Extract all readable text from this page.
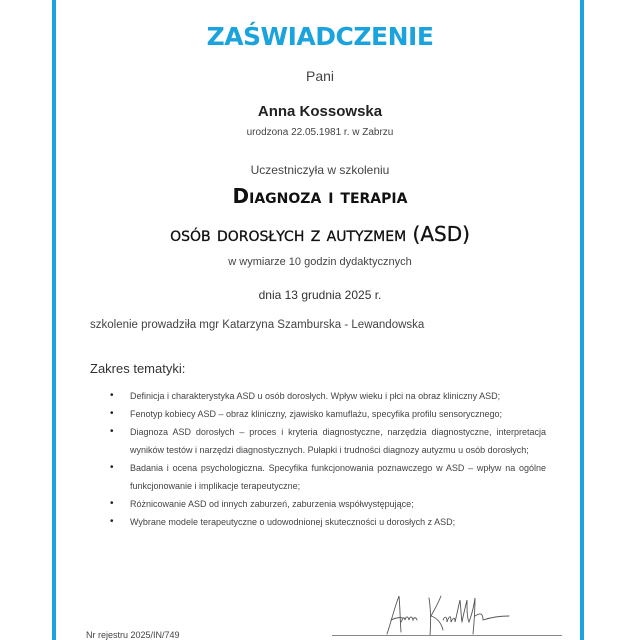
ZAŚWIADCZENIE
Pani
Anna Kossowska
urodzona 22.05.1981 r. w Zabrzu
Uczestniczyła w szkoleniu
Diagnoza i terapia
osób dorosłych z autyzmem (ASD)
w wymiarze 10 godzin dydaktycznych
dnia 13 grudnia 2025 r.
szkolenie prowadziła mgr Katarzyna Szamburska - Lewandowska
Zakres tematyki:
• Definicja i charakterystyka ASD u osób dorosłych. Wpływ wieku i płci na obraz kliniczny ASD;
• Fenotyp kobiecy ASD – obraz kliniczny, zjawisko kamuflażu, specyfika profilu sensorycznego;
• Diagnoza ASD dorosłych – proces i kryteria diagnostyczne, narzędzia diagnostyczne, interpretacja wyników testów i narzędzi diagnostycznych. Pułapki i trudności diagnozy autyzmu u osób dorosłych;
• Badania i ocena psychologiczna. Specyfika funkcjonowania poznawczego w ASD – wpływ na ogólne funkcjonowanie i implikacje terapeutyczne;
• Różnicowanie ASD od innych zaburzeń, zaburzenia współwystępujące;
• Wybrane modele terapeutyczne o udowodnionej skuteczności u dorosłych z ASD;
Nr rejestru 2025/IN/749
